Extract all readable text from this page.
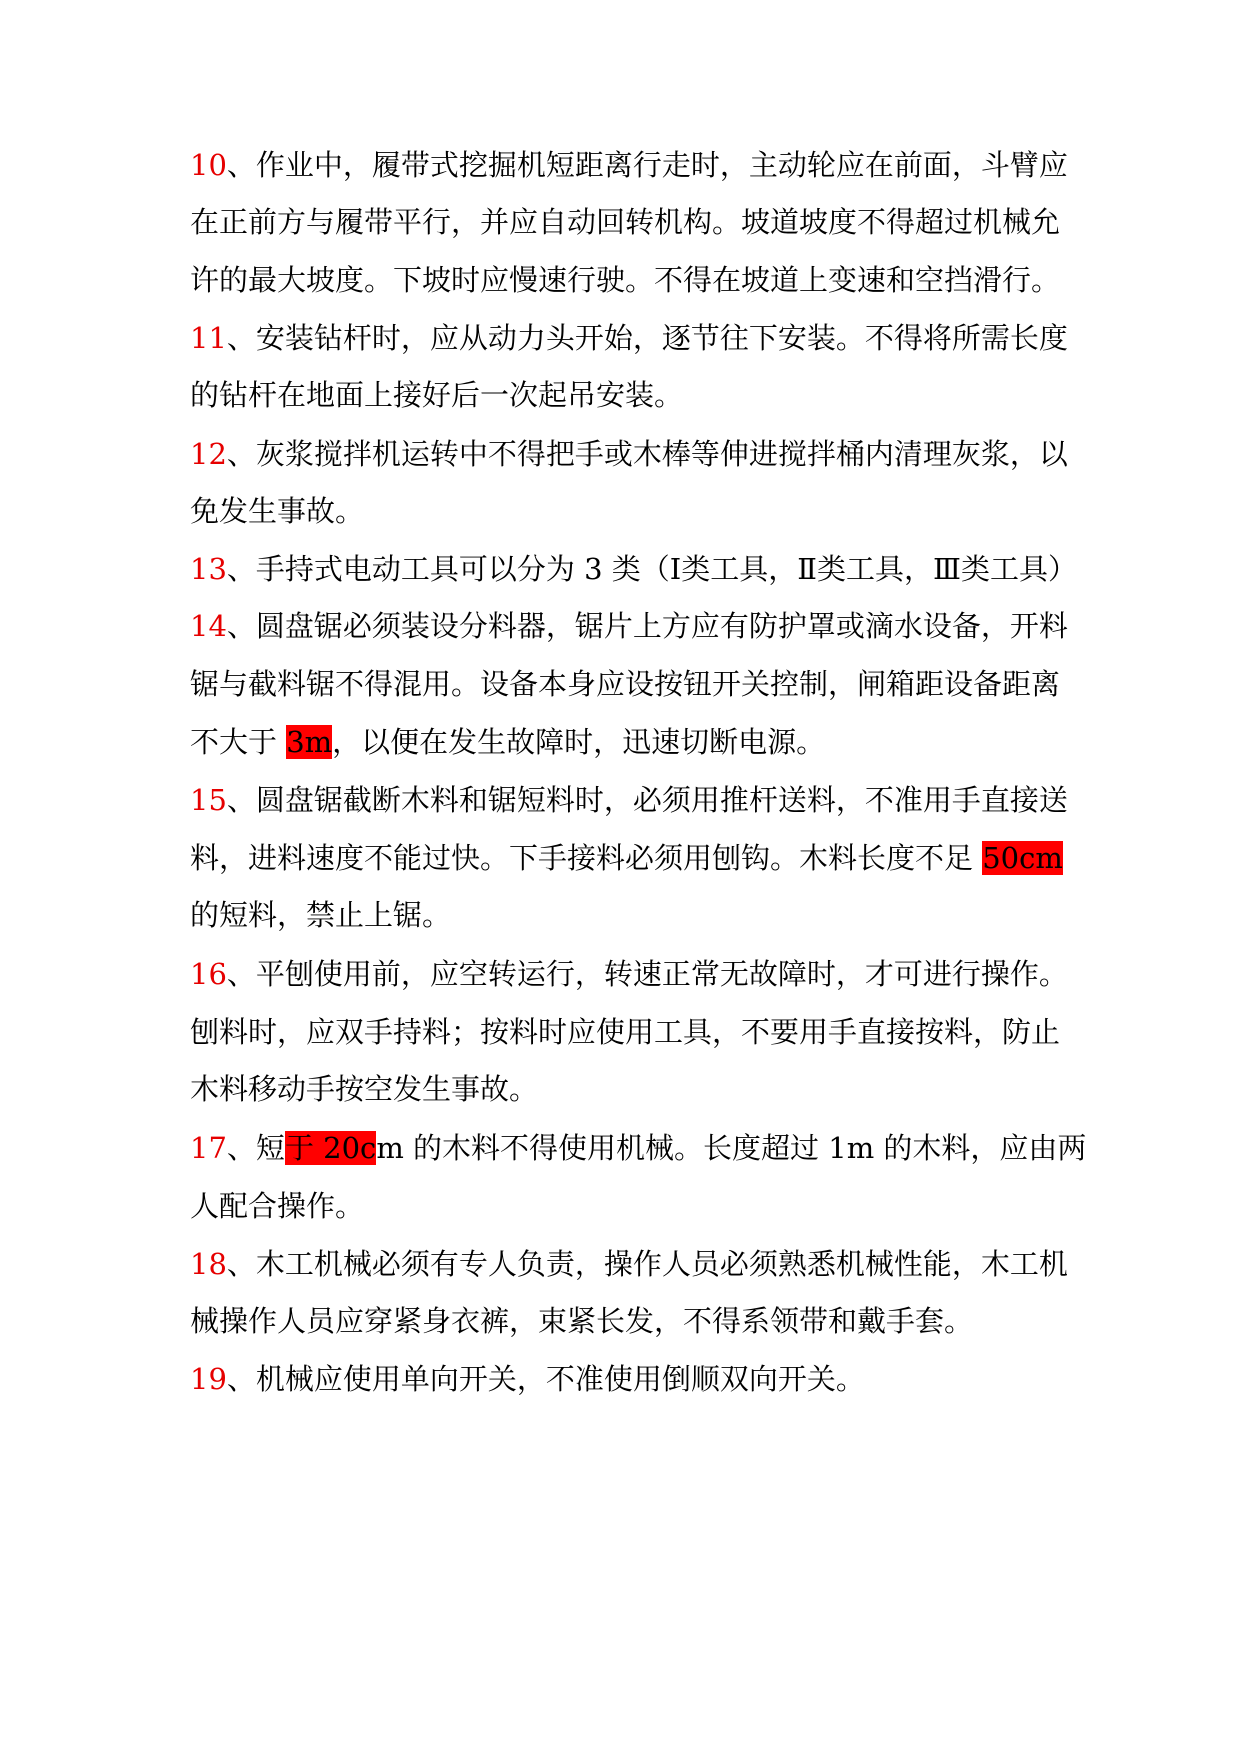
10、作业中，履带式挖掘机短距离行走时，主动轮应在前面，斗臂应
在正前方与履带平行，并应自动回转机构。坡道坡度不得超过机械允
许的最大坡度。下坡时应慢速行驶。不得在坡道上变速和空挡滑行。
11、安装钻杆时，应从动力头开始，逐节往下安装。不得将所需长度
的钻杆在地面上接好后一次起吊安装。
12、灰浆搅拌机运转中不得把手或木棒等伸进搅拌桶内清理灰浆，以
免发生事故。
13、手持式电动工具可以分为 3 类（Ⅰ类工具，Ⅱ类工具，Ⅲ类工具）
14、圆盘锯必须装设分料器，锯片上方应有防护罩或滴水设备，开料
锯与截料锯不得混用。设备本身应设按钮开关控制，闸箱距设备距离
不大于 3m，以便在发生故障时，迅速切断电源。
15、圆盘锯截断木料和锯短料时，必须用推杆送料，不准用手直接送
料，进料速度不能过快。下手接料必须用刨钩。木料长度不足 50cm
的短料，禁止上锯。
16、平刨使用前，应空转运行，转速正常无故障时，才可进行操作。
刨料时，应双手持料；按料时应使用工具，不要用手直接按料，防止
木料移动手按空发生事故。
17、短于 20cm 的木料不得使用机械。长度超过 1m 的木料，应由两
人配合操作。
18、木工机械必须有专人负责，操作人员必须熟悉机械性能，木工机
械操作人员应穿紧身衣裤，束紧长发，不得系领带和戴手套。
19、机械应使用单向开关，不准使用倒顺双向开关。
